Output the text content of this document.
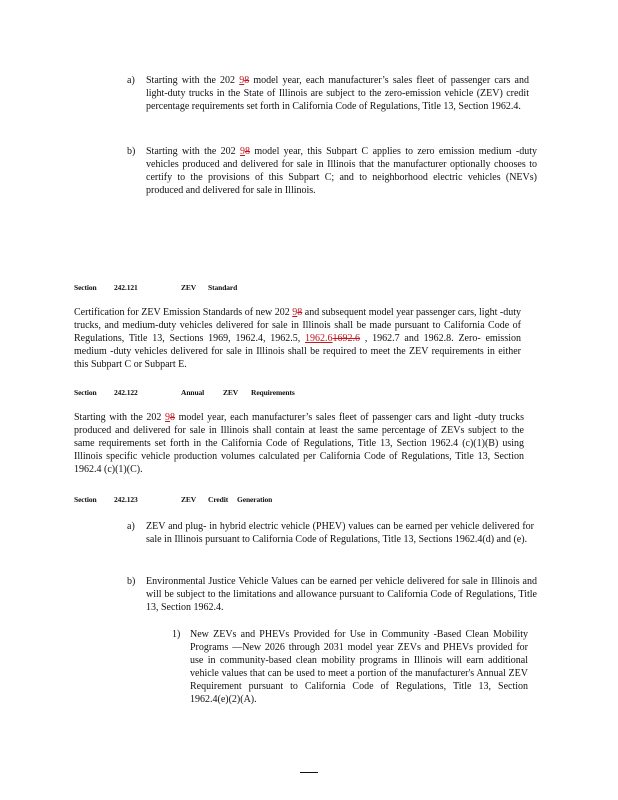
a) Starting with the 202 98 model year, each manufacturer’s sales fleet of passenger cars and light-duty trucks in the State of Illinois are subject to the zero-emission vehicle (ZEV) credit percentage requirements set forth in California Code of Regulations, Title 13, Section 1962.4.
b) Starting with the 202 98 model year, this Subpart C applies to zero emission medium -duty vehicles produced and delivered for sale in Illinois that the manufacturer optionally chooses to certify to the provisions of this Subpart C; and to neighborhood electric vehicles (NEVs) produced and delivered for sale in Illinois.
Section 242.121	ZEV Standard
Certification for ZEV Emission Standards of new 202 98 and subsequent model year passenger cars, light -duty trucks, and medium-duty vehicles delivered for sale in Illinois shall be made pursuant to California Code of Regulations, Title 13, Sections 1969, 1962.4, 1962.5, 1962.61692.6 , 1962.7 and 1962.8. Zero- emission medium -duty vehicles delivered for sale in Illinois shall be required to meet the ZEV requirements in either this Subpart C or Subpart E.
Section 242.122	Annual	ZEV Requirements
Starting with the 202 98 model year, each manufacturer’s sales fleet of passenger cars and light -duty trucks produced and delivered for sale in Illinois shall contain at least the same percentage of ZEVs subject to the same requirements set forth in the California Code of Regulations, Title 13, Section 1962.4 (c)(1)(B) using Illinois specific vehicle production volumes calculated per California Code of Regulations, Title 13, Section 1962.4 (c)(1)(C).
Section 242.123	ZEV Credit Generation
a) ZEV and plug- in hybrid electric vehicle (PHEV) values can be earned per vehicle delivered for sale in Illinois pursuant to California Code of Regulations, Title 13, Sections 1962.4(d) and (e).
b) Environmental Justice Vehicle Values can be earned per vehicle delivered for sale in Illinois and will be subject to the limitations and allowance pursuant to California Code of Regulations, Title 13, Section 1962.4.
1) New ZEVs and PHEVs Provided for Use in Community -Based Clean Mobility Programs —New 2026 through 2031 model year ZEVs and PHEVs provided for use in community-based clean mobility programs in Illinois will earn additional vehicle values that can be used to meet a portion of the manufacturer's Annual ZEV Requirement pursuant to California Code of Regulations, Title 13, Section 1962.4(e)(2)(A).
